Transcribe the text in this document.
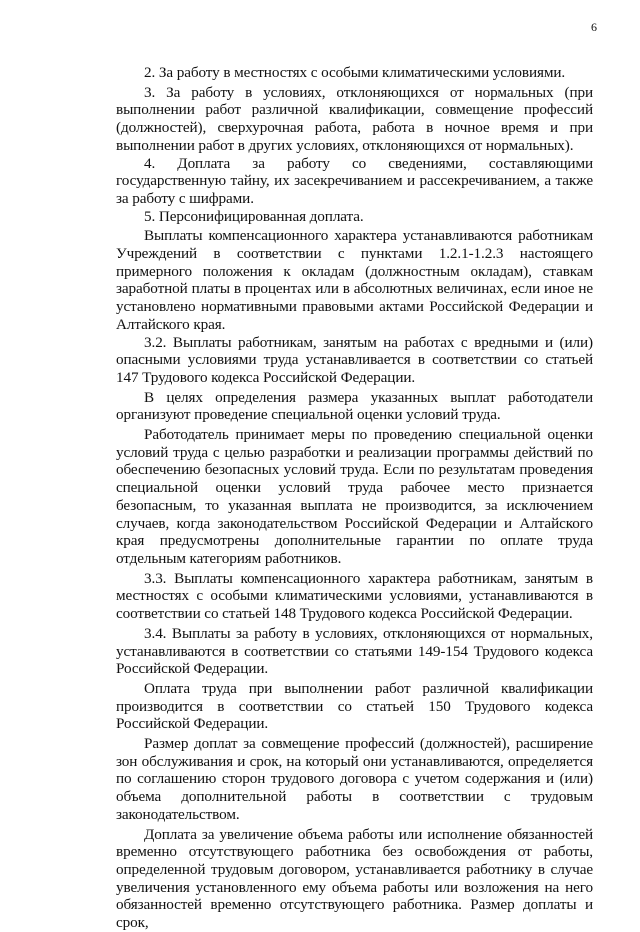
6

2. За работу в местностях с особыми климатическими условиями.

3. За работу в условиях, отклоняющихся от нормальных (при выполнении работ различной квалификации, совмещение профессий (должностей), сверхурочная работа, работа в ночное время и при выполнении работ в других условиях, отклоняющихся от нормальных).

4. Доплата за работу со сведениями, составляющими государственную тайну, их засекречиванием и рассекречиванием, а также за работу с шифрами.

5. Персонифицированная доплата.

Выплаты компенсационного характера устанавливаются работникам Учреждений в соответствии с пунктами 1.2.1-1.2.3 настоящего примерного положения к окладам (должностным окладам), ставкам заработной платы в процентах или в абсолютных величинах, если иное не установлено нормативными правовыми актами Российской Федерации и Алтайского края.

3.2. Выплаты работникам, занятым на работах с вредными и (или) опасными условиями труда устанавливается в соответствии со статьей 147 Трудового кодекса Российской Федерации.

В целях определения размера указанных выплат работодатели организуют проведение специальной оценки условий труда.

Работодатель принимает меры по проведению специальной оценки условий труда с целью разработки и реализации программы действий по обеспечению безопасных условий труда. Если по результатам проведения специальной оценки условий труда рабочее место признается безопасным, то указанная выплата не производится, за исключением случаев, когда законодательством Российской Федерации и Алтайского края предусмотрены дополнительные гарантии по оплате труда отдельным категориям работников.

3.3. Выплаты компенсационного характера работникам, занятым в местностях с особыми климатическими условиями, устанавливаются в соответствии со статьей 148 Трудового кодекса Российской Федерации.

3.4. Выплаты за работу в условиях, отклоняющихся от нормальных, устанавливаются в соответствии со статьями 149-154 Трудового кодекса Российской Федерации.

Оплата труда при выполнении работ различной квалификации производится в соответствии со статьей 150 Трудового кодекса Российской Федерации.

Размер доплат за совмещение профессий (должностей), расширение зон обслуживания и срок, на который они устанавливаются, определяется по соглашению сторон трудового договора с учетом содержания и (или) объема дополнительной работы в соответствии с трудовым законодательством.

Доплата за увеличение объема работы или исполнение обязанностей временно отсутствующего работника без освобождения от работы, определенной трудовым договором, устанавливается работнику в случае увеличения установленного ему объема работы или возложения на него обязанностей временно отсутствующего работника. Размер доплаты и срок,
